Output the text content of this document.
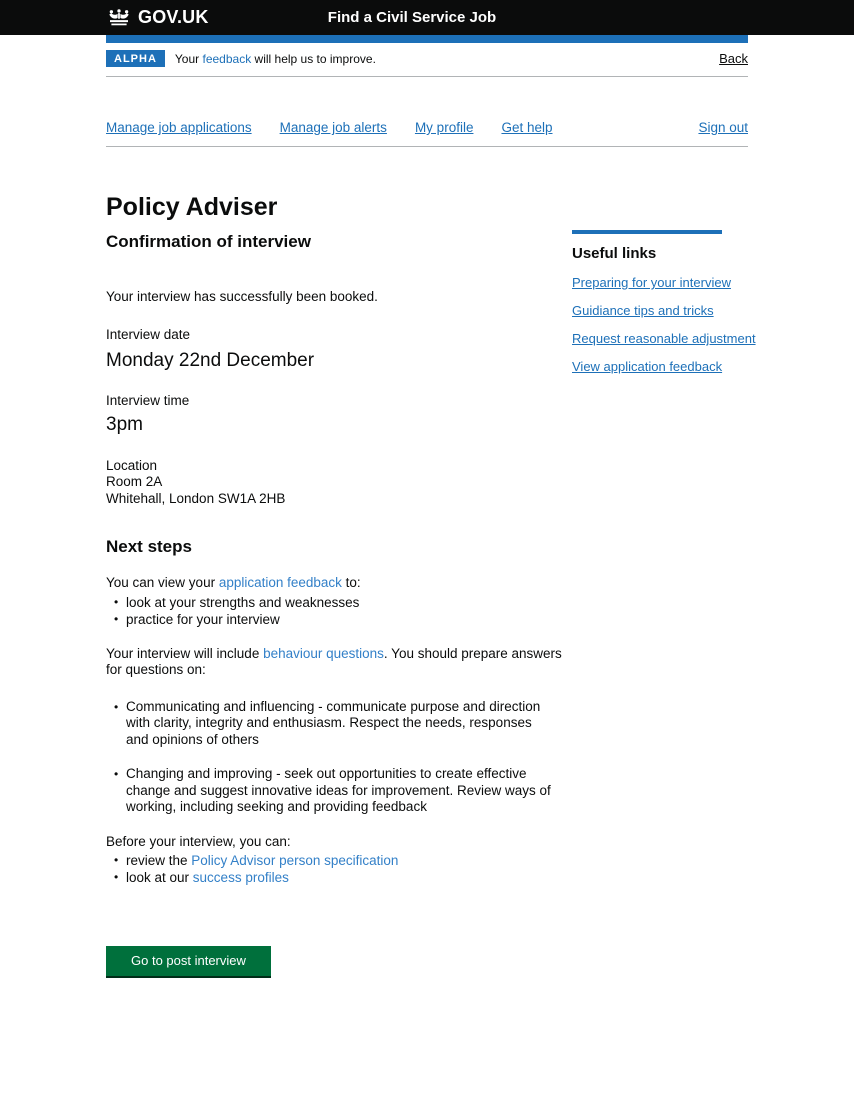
GOV.UK	Find a Civil Service Job
ALPHA	Your feedback will help us to improve.	Back
Manage job applications Manage job alerts My profile Get help	Sign out
Policy Adviser
Confirmation of interview

Your interview has successfully been booked.

Interview date

Monday 22nd December

Interview time

3pm

Location
Room 2A
Whitehall, London SW1A 2HB
Next steps

You can view your application feedback to:

• look at your strengths and weaknesses
• practice for your interview

Your interview will include behaviour questions. You should prepare answers for questions on:

• Communicating and influencing - communicate purpose and direction with clarity, integrity and enthusiasm. Respect the needs, responses and opinions of others
• Changing and improving - seek out opportunities to create effective change and suggest innovative ideas for improvement. Review ways of working, including seeking and providing feedback

Before your interview, you can:

• review the Policy Advisor person specification
• look at our success profiles
Go to post interview
Useful links
Preparing for your interview
Guidiance tips and tricks
Request reasonable adjustment
View application feedback
